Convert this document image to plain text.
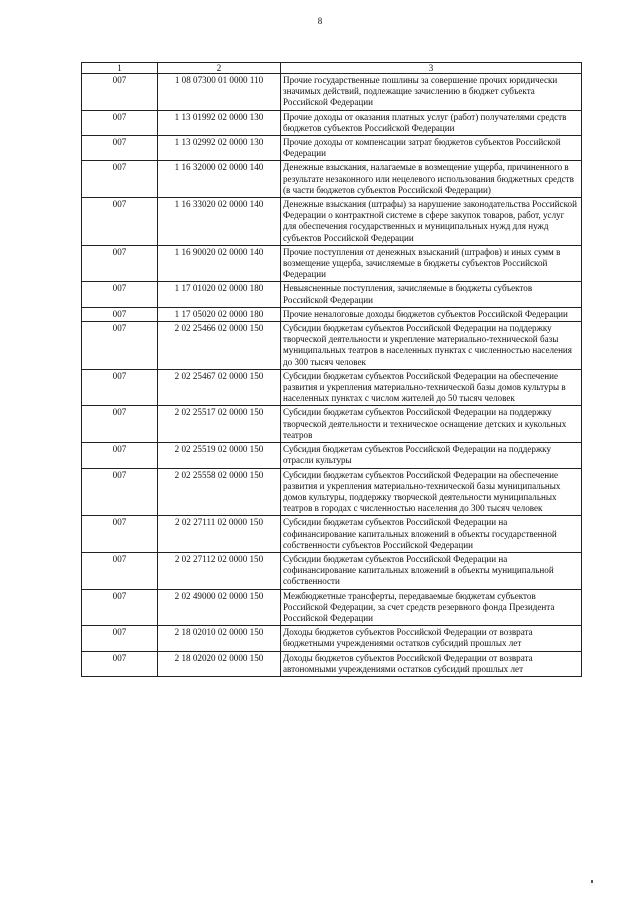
8
1	2	3
007	1 08 07300 01 0000 110	Прочие государственные пошлины за совершение прочих юридически значимых действий, подлежащие зачислению в бюджет субъекта Российской Федерации
007	1 13 01992 02 0000 130	Прочие доходы от оказания платных услуг (работ) получателями средств бюджетов субъектов Российской Федерации
007	1 13 02992 02 0000 130	Прочие доходы от компенсации затрат бюджетов субъектов Российской Федерации
007	1 16 32000 02 0000 140	Денежные взыскания, налагаемые в возмещение ущерба, причиненного в результате незаконного или нецелевого использования бюджетных средств (в части бюджетов субъектов Российской Федерации)
007	1 16 33020 02 0000 140	Денежные взыскания (штрафы) за нарушение законодательства Российской Федерации о контрактной системе в сфере закупок товаров, работ, услуг для обеспечения государственных и муниципальных нужд для нужд субъектов Российской Федерации
007	1 16 90020 02 0000 140	Прочие поступления от денежных взысканий (штрафов) и иных сумм в возмещение ущерба, зачисляемые в бюджеты субъектов Российской Федерации
007	1 17 01020 02 0000 180	Невыясненные поступления, зачисляемые в бюджеты субъектов Российской Федерации
007	1 17 05020 02 0000 180	Прочие неналоговые доходы бюджетов субъектов Российской Федерации
007	2 02 25466 02 0000 150	Субсидии бюджетам субъектов Российской Федерации на поддержку творческой деятельности и укрепление материально-технической базы муниципальных театров в населенных пунктах с численностью населения до 300 тысяч человек
007	2 02 25467 02 0000 150	Субсидии бюджетам субъектов Российской Федерации на обеспечение развития и укрепления материально-технической базы домов культуры в населенных пунктах с числом жителей до 50 тысяч человек
007	2 02 25517 02 0000 150	Субсидии бюджетам субъектов Российской Федерации на поддержку творческой деятельности и техническое оснащение детских и кукольных театров
007	2 02 25519 02 0000 150	Субсидия бюджетам субъектов Российской Федерации на поддержку отрасли культуры
007	2 02 25558 02 0000 150	Субсидии бюджетам субъектов Российской Федерации на обеспечение развития и укрепления материально-технической базы муниципальных домов культуры, поддержку творческой деятельности муниципальных театров в городах с численностью населения до 300 тысяч человек
007	2 02 27111 02 0000 150	Субсидии бюджетам субъектов Российской Федерации на софинансирование капитальных вложений в объекты государственной собственности субъектов Российской Федерации
007	2 02 27112 02 0000 150	Субсидии бюджетам субъектов Российской Федерации на софинансирование капитальных вложений в объекты муниципальной собственности
007	2 02 49000 02 0000 150	Межбюджетные трансферты, передаваемые бюджетам субъектов Российской Федерации, за счет средств резервного фонда Президента Российской Федерации
007	2 18 02010 02 0000 150	Доходы бюджетов субъектов Российской Федерации от возврата бюджетными учреждениями остатков субсидий прошлых лет
007	2 18 02020 02 0000 150	Доходы бюджетов субъектов Российской Федерации от возврата автономными учреждениями остатков субсидий прошлых лет
